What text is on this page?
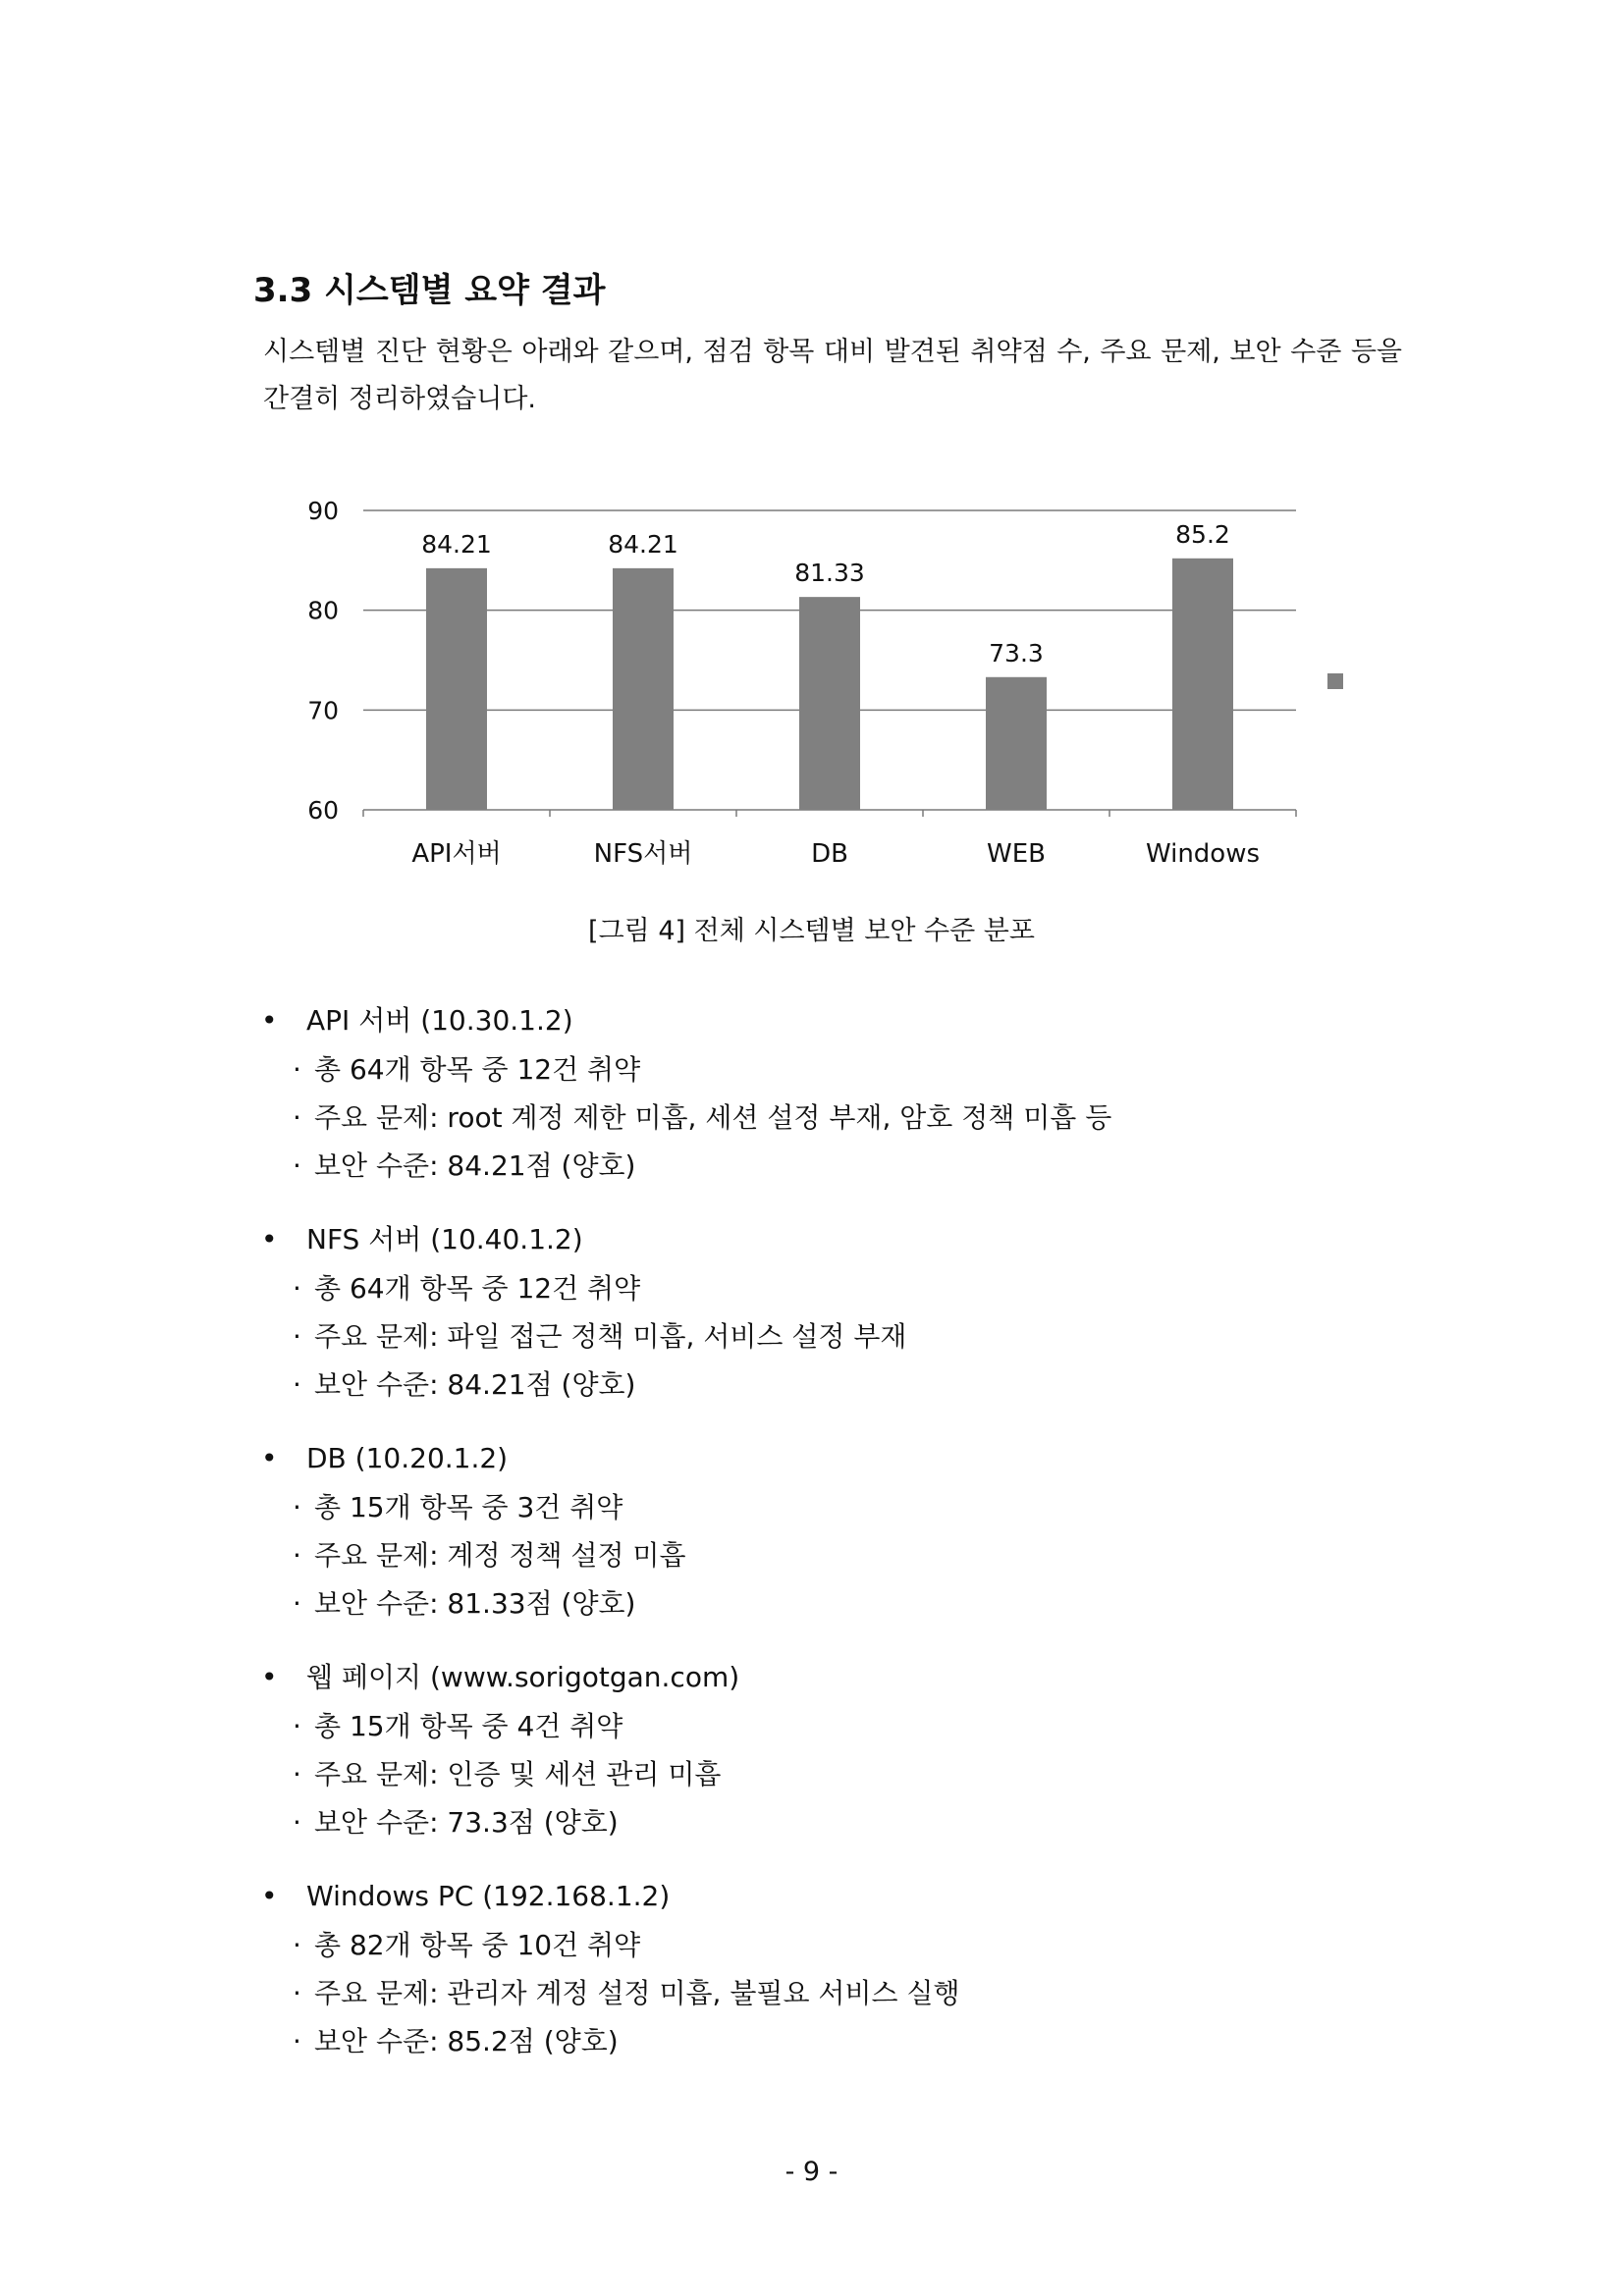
3.3 시스템별 요약 결과

시스템별 진단 현황은 아래와 같으며, 점검 항목 대비 발견된 취약점 수, 주요 문제, 보안 수준 등을 간결히 정리하였습니다.

60
70
80
90
84.21
API서버
84.21
NFS서버
81.33
DB
73.3
WEB
85.2
Windows

[그림 4] 전체 시스템별 보안 수준 분포

• API 서버 (10.30.1.2)
· 총 64개 항목 중 12건 취약
· 주요 문제: root 계정 제한 미흡, 세션 설정 부재, 암호 정책 미흡 등
· 보안 수준: 84.21점 (양호)
• NFS 서버 (10.40.1.2)
· 총 64개 항목 중 12건 취약
· 주요 문제: 파일 접근 정책 미흡, 서비스 설정 부재
· 보안 수준: 84.21점 (양호)
• DB (10.20.1.2)
· 총 15개 항목 중 3건 취약
· 주요 문제: 계정 정책 설정 미흡
· 보안 수준: 81.33점 (양호)
• 웹 페이지 (www.sorigotgan.com)
· 총 15개 항목 중 4건 취약
· 주요 문제: 인증 및 세션 관리 미흡
· 보안 수준: 73.3점 (양호)
• Windows PC (192.168.1.2)
· 총 82개 항목 중 10건 취약
· 주요 문제: 관리자 계정 설정 미흡, 불필요 서비스 실행
· 보안 수준: 85.2점 (양호)

- 9 -
